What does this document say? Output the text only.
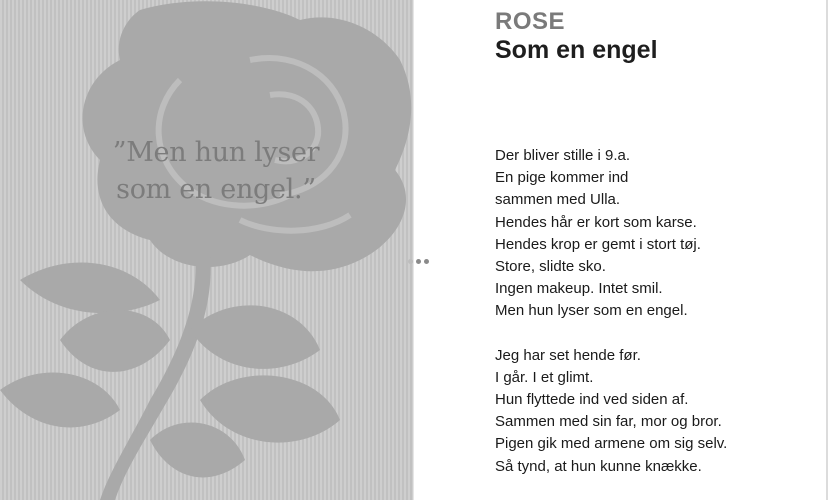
”Men hun lyser
som en engel.”
ROSE
Som en engel
Der bliver stille i 9.a.
En pige kommer ind
sammen med Ulla.
Hendes hår er kort som karse.
Hendes krop er gemt i stort tøj.
Store, slidte sko.
Ingen makeup. Intet smil.
Men hun lyser som en engel.
Jeg har set hende før.
I går. I et glimt.
Hun flyttede ind ved siden af.
Sammen med sin far, mor og bror.
Pigen gik med armene om sig selv.
Så tynd, at hun kunne knække.
